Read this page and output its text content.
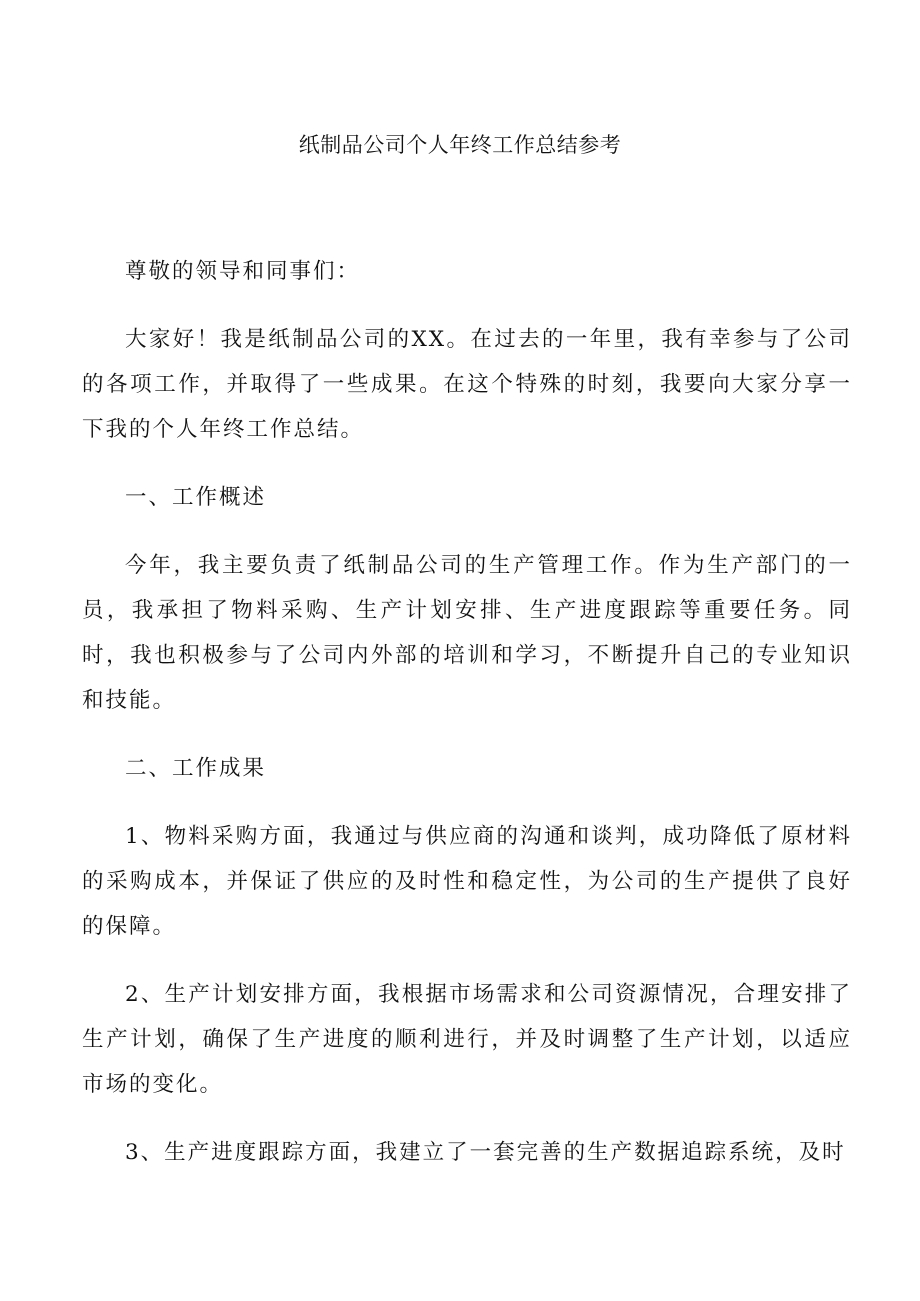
纸制品公司个人年终工作总结参考

尊敬的领导和同事们：

大家好！我是纸制品公司的XX。在过去的一年里，我有幸参与了公司的各项工作，并取得了一些成果。在这个特殊的时刻，我要向大家分享一下我的个人年终工作总结。

一、工作概述

今年，我主要负责了纸制品公司的生产管理工作。作为生产部门的一员，我承担了物料采购、生产计划安排、生产进度跟踪等重要任务。同时，我也积极参与了公司内外部的培训和学习，不断提升自己的专业知识和技能。

二、工作成果

1、物料采购方面，我通过与供应商的沟通和谈判，成功降低了原材料的采购成本，并保证了供应的及时性和稳定性，为公司的生产提供了良好的保障。

2、生产计划安排方面，我根据市场需求和公司资源情况，合理安排了生产计划，确保了生产进度的顺利进行，并及时调整了生产计划，以适应市场的变化。

3、生产进度跟踪方面，我建立了一套完善的生产数据追踪系统，及时
